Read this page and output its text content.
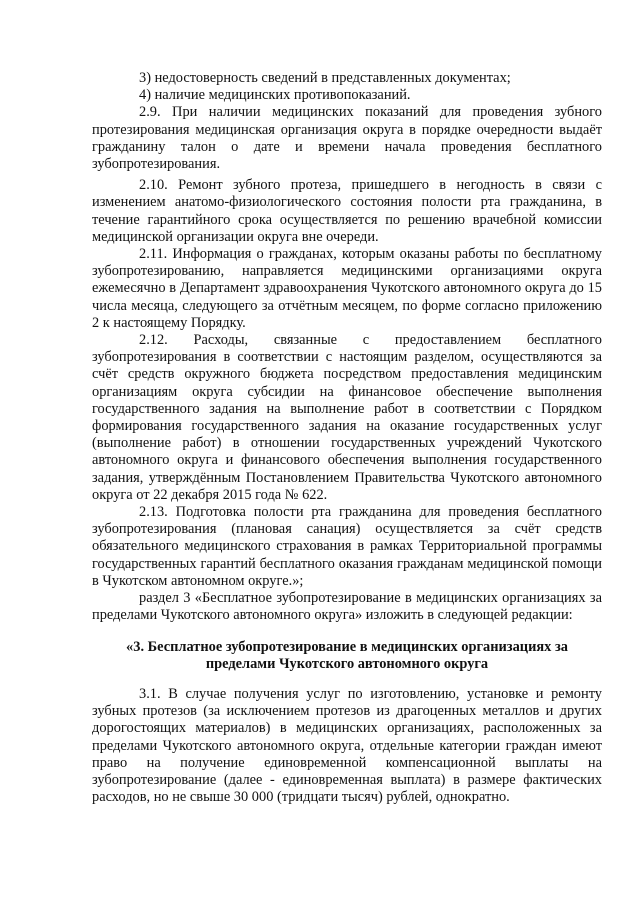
3) недостоверность сведений в представленных документах;

4) наличие медицинских противопоказаний.

2.9. При наличии медицинских показаний для проведения зубного протезирования медицинская организация округа в порядке очередности выдаёт гражданину талон о дате и времени начала проведения бесплатного зубопротезирования.

2.10. Ремонт зубного протеза, пришедшего в негодность в связи с изменением анатомо-физиологического состояния полости рта гражданина, в течение гарантийного срока осуществляется по решению врачебной комиссии медицинской организации округа вне очереди.

2.11. Информация о гражданах, которым оказаны работы по бесплатному зубопротезированию, направляется медицинскими организациями округа ежемесячно в Департамент здравоохранения Чукотского автономного округа до 15 числа месяца, следующего за отчётным месяцем, по форме согласно приложению 2 к настоящему Порядку.

2.12. Расходы, связанные с предоставлением бесплатного зубопротезирования в соответствии с настоящим разделом, осуществляются за счёт средств окружного бюджета посредством предоставления медицинским организациям округа субсидии на финансовое обеспечение выполнения государственного задания на выполнение работ в соответствии с Порядком формирования государственного задания на оказание государственных услуг (выполнение работ) в отношении государственных учреждений Чукотского автономного округа и финансового обеспечения выполнения государственного задания, утверждённым Постановлением Правительства Чукотского автономного округа от 22 декабря 2015 года № 622.

2.13. Подготовка полости рта гражданина для проведения бесплатного зубопротезирования (плановая санация) осуществляется за счёт средств обязательного медицинского страхования в рамках Территориальной программы государственных гарантий бесплатного оказания гражданам медицинской помощи в Чукотском автономном округе.»;

раздел 3 «Бесплатное зубопротезирование в медицинских организациях за пределами Чукотского автономного округа» изложить в следующей редакции:

«3. Бесплатное зубопротезирование в медицинских организациях за
пределами Чукотского автономного округа

3.1. В случае получения услуг по изготовлению, установке и ремонту зубных протезов (за исключением протезов из драгоценных металлов и других дорогостоящих материалов) в медицинских организациях, расположенных за пределами Чукотского автономного округа, отдельные категории граждан имеют право на получение единовременной компенсационной выплаты на зубопротезирование (далее - единовременная выплата) в размере фактических расходов, но не свыше 30 000 (тридцати тысяч) рублей, однократно.
